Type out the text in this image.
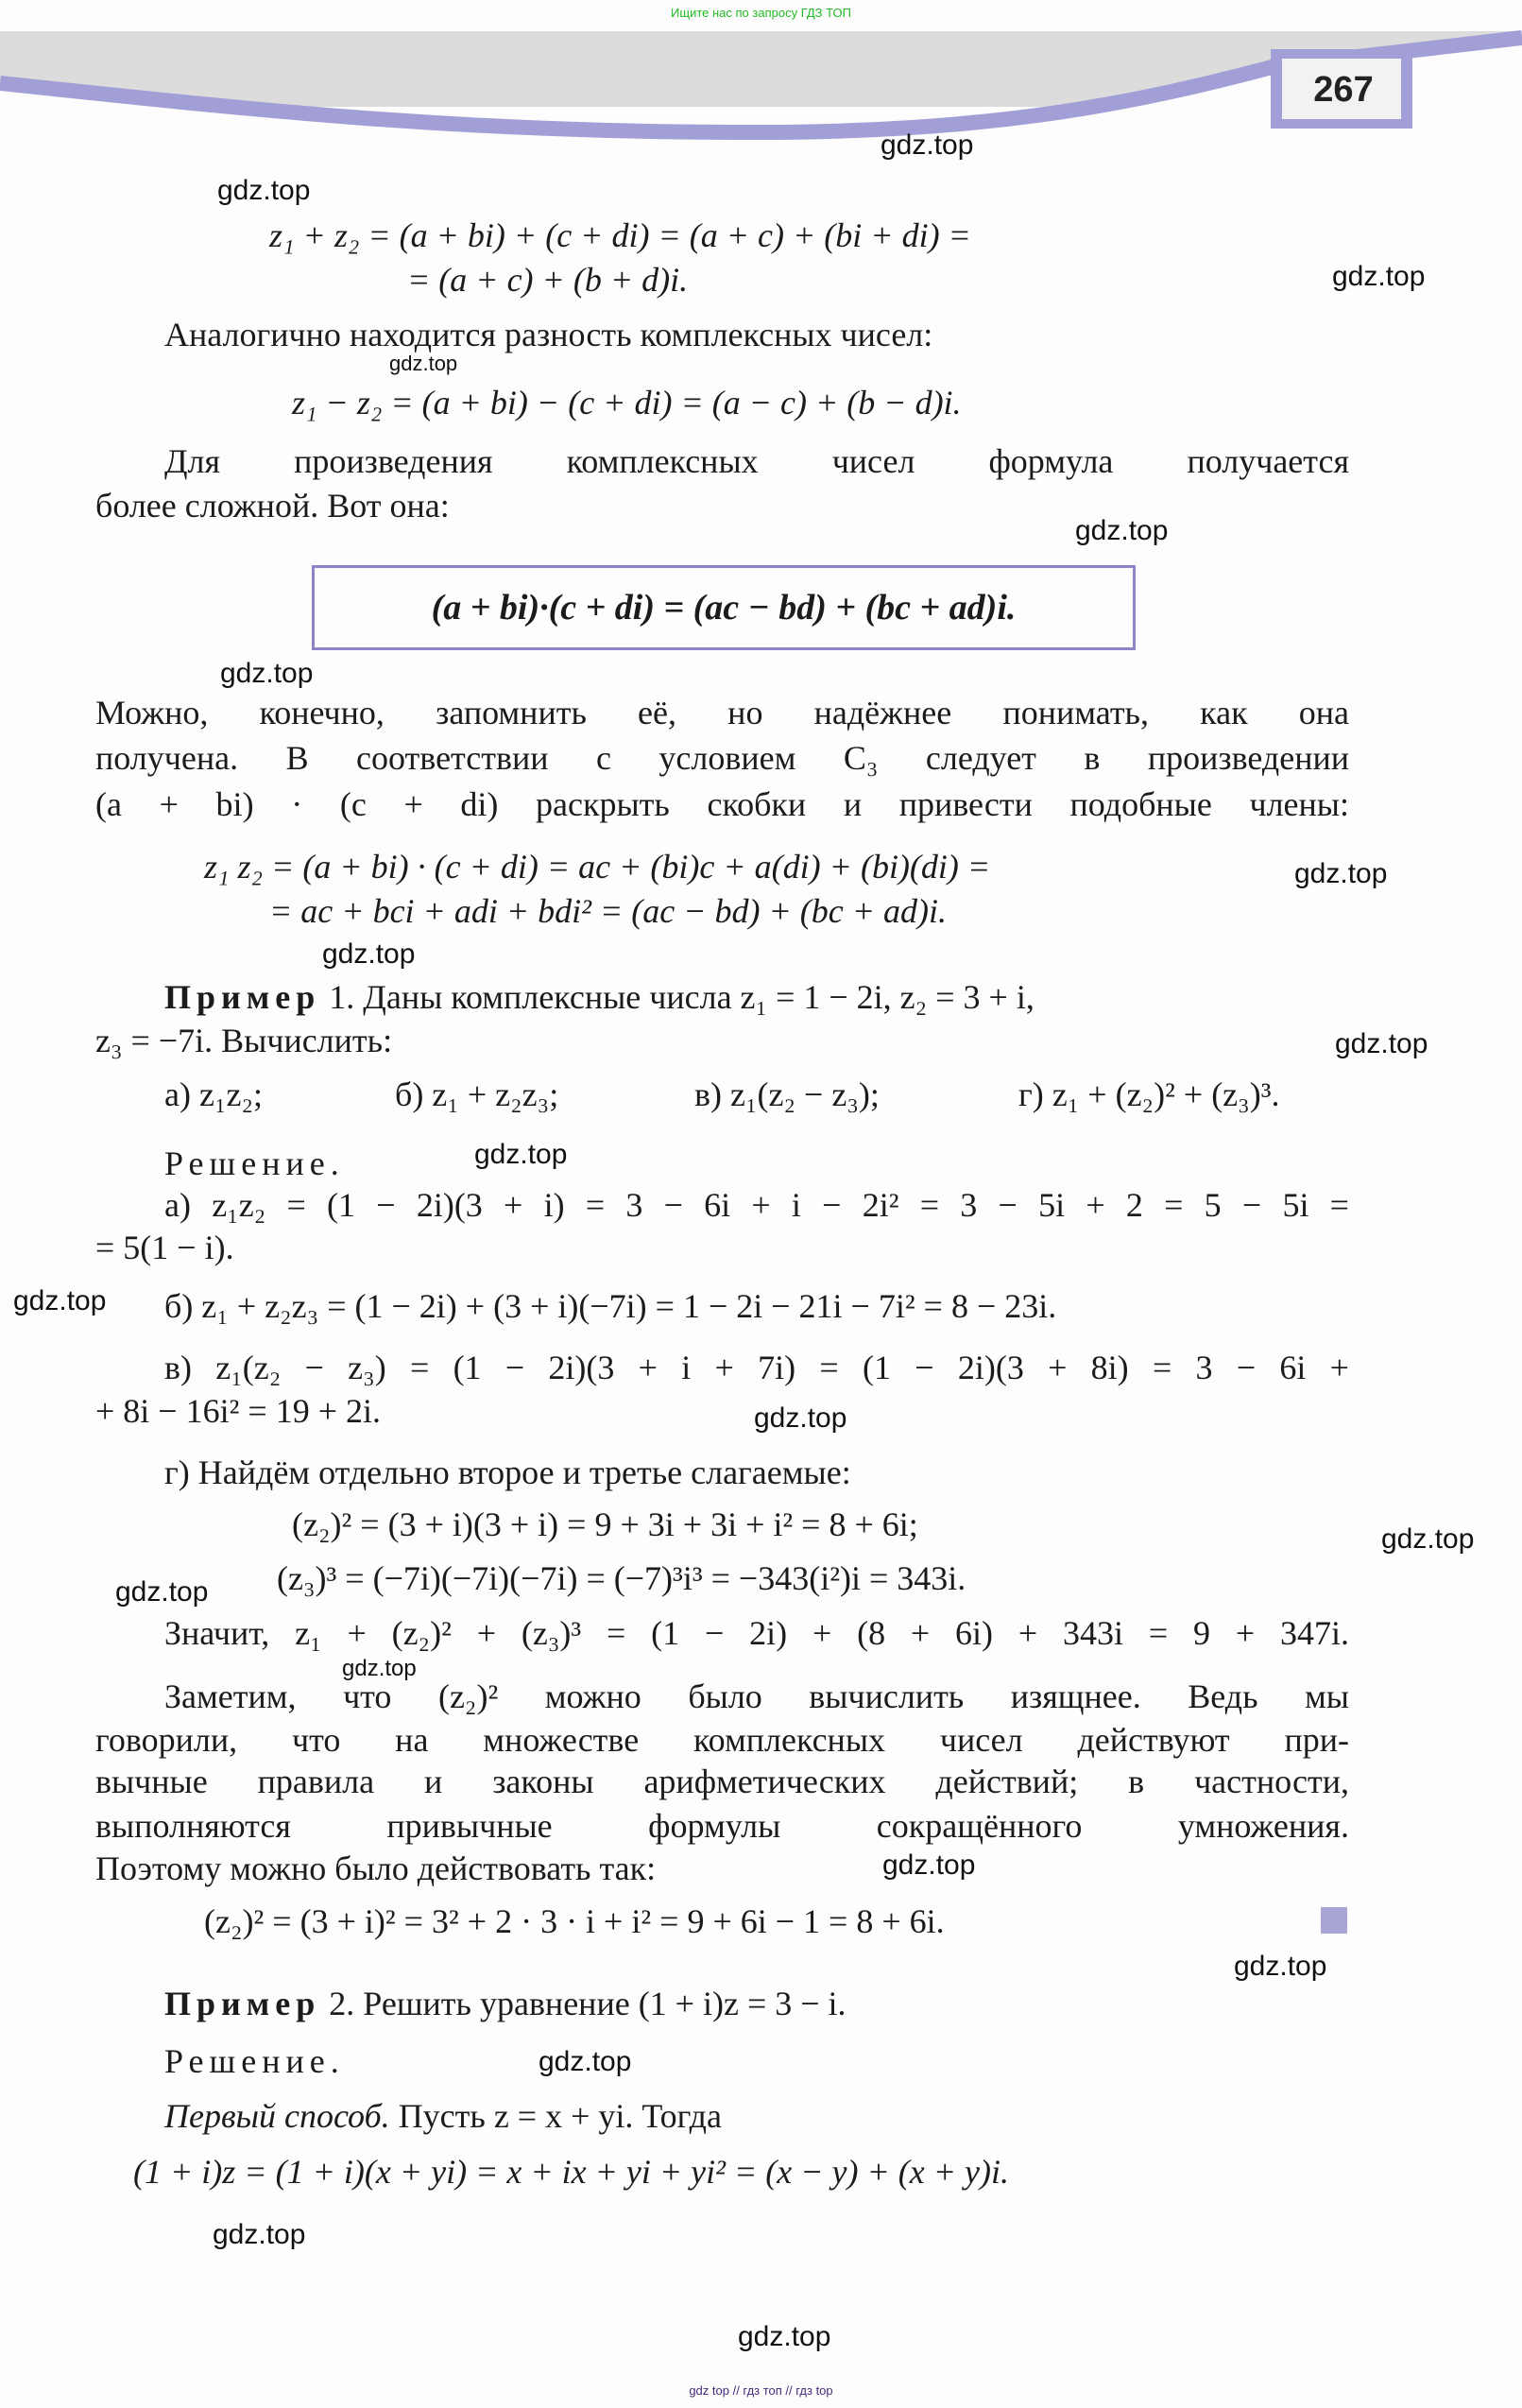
Ищите нас по запросу ГДЗ ТОП
267
z₁ + z₂ = (a + bi) + (c + di) = (a + c) + (bi + di) =
= (a + c) + (b + d)i.
Аналогично находится разность комплексных чисел:
z₁ − z₂ = (a + bi) − (c + di) = (a − c) + (b − d)i.
Для произведения комплексных чисел формула получается
более сложной. Вот она:
(a + bi)·(c + di) = (ac − bd) + (bc + ad)i.
Можно, конечно, запомнить её, но надёжнее понимать, как она
получена. В соответствии с условием C₃ следует в произведении
(a + bi) · (c + di) раскрыть скобки и привести подобные члены:
z₁ z₂ = (a + bi) · (c + di) = ac + (bi)c + a(di) + (bi)(di) =
= ac + bci + adi + bdi² = (ac − bd) + (bc + ad)i.
Пример 1. Даны комплексные числа z₁ = 1 − 2i, z₂ = 3 + i,
z₃ = −7i. Вычислить:
а) z₁z₂;	б) z₁ + z₂z₃;	в) z₁(z₂ − z₃);	г) z₁ + (z₂)² + (z₃)³.
Решение.
а) z₁z₂ = (1 − 2i)(3 + i) = 3 − 6i + i − 2i² = 3 − 5i + 2 = 5 − 5i =
= 5(1 − i).
б) z₁ + z₂z₃ = (1 − 2i) + (3 + i)(−7i) = 1 − 2i − 21i − 7i² = 8 − 23i.
в) z₁(z₂ − z₃) = (1 − 2i)(3 + i + 7i) = (1 − 2i)(3 + 8i) = 3 − 6i +
+ 8i − 16i² = 19 + 2i.
г) Найдём отдельно второе и третье слагаемые:
(z₂)² = (3 + i)(3 + i) = 9 + 3i + 3i + i² = 8 + 6i;
(z₃)³ = (−7i)(−7i)(−7i) = (−7)³i³ = −343(i²)i = 343i.
Значит, z₁ + (z₂)² + (z₃)³ = (1 − 2i) + (8 + 6i) + 343i = 9 + 347i.
Заметим, что (z₂)² можно было вычислить изящнее. Ведь мы
говорили, что на множестве комплексных чисел действуют при-
вычные правила и законы арифметических действий; в частности,
выполняются привычные формулы сокращённого умножения.
Поэтому можно было действовать так:
(z₂)² = (3 + i)² = 3² + 2 · 3 · i + i² = 9 + 6i − 1 = 8 + 6i.
Пример 2. Решить уравнение (1 + i)z = 3 − i.
Решение.
Первый способ. Пусть z = x + yi. Тогда
(1 + i)z = (1 + i)(x + yi) = x + ix + yi + yi² = (x − y) + (x + y)i.
gdz.top
gdz.top
gdz.top
gdz.top
gdz.top
gdz.top
gdz.top
gdz.top
gdz.top
gdz.top
gdz.top
gdz.top
gdz.top
gdz.top
gdz.top
gdz.top
gdz.top
gdz.top
gdz.top
gdz.top
gdz top // гдз топ // гдз top
